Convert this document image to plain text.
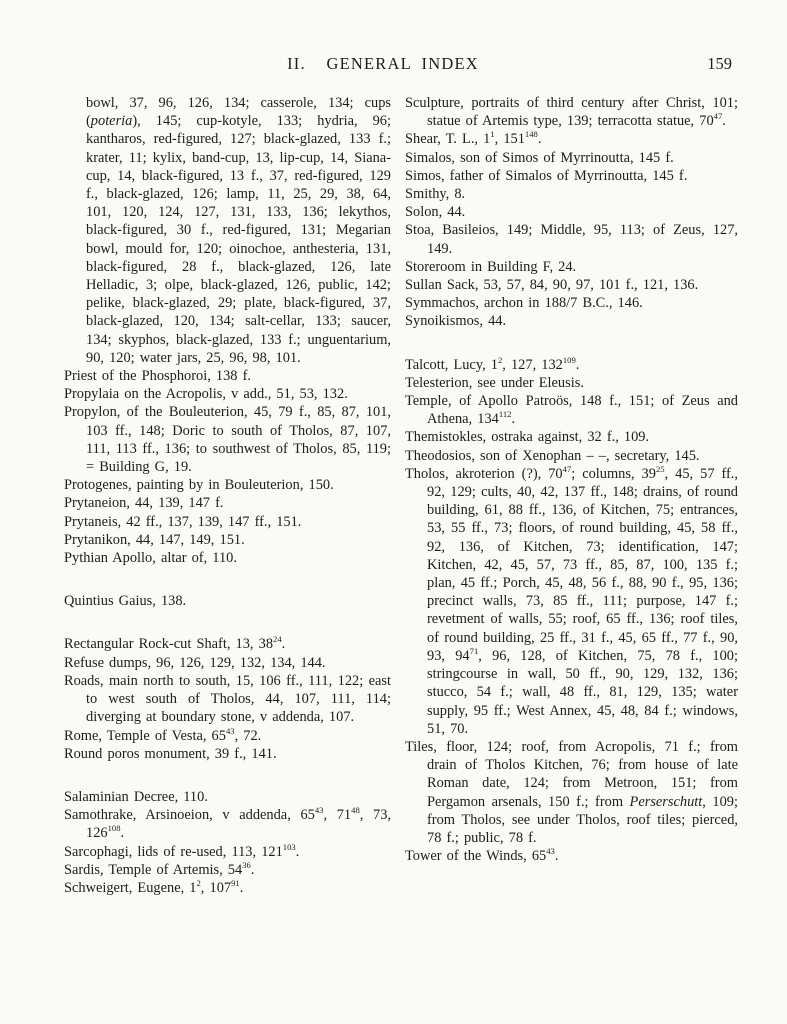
II.  GENERAL INDEX	159

bowl, 37, 96, 126, 134; casserole, 134; cups (poteria), 145; cup-kotyle, 133; hydria, 96; kantharos, red-figured, 127; black-glazed, 133 f.; krater, 11; kylix, band-cup, 13, lip-cup, 14, Siana-cup, 14, black-figured, 13 f., 37, red-figured, 129 f., black-glazed, 126; lamp, 11, 25, 29, 38, 64, 101, 120, 124, 127, 131, 133, 136; lekythos, black-figured, 30 f., red-figured, 131; Megarian bowl, mould for, 120; oinochoe, anthesteria, 131, black-figured, 28 f., black-glazed, 126, late Helladic, 3; olpe, black-glazed, 126, public, 142; pelike, black-glazed, 29; plate, black-figured, 37, black-glazed, 120, 134; salt-cellar, 133; saucer, 134; skyphos, black-glazed, 133 f.; unguentarium, 90, 120; water jars, 25, 96, 98, 101.

Priest of the Phosphoroi, 138 f.

Propylaia on the Acropolis, v add., 51, 53, 132.

Propylon, of the Bouleuterion, 45, 79 f., 85, 87, 101, 103 ff., 148; Doric to south of Tholos, 87, 107, 111, 113 ff., 136; to southwest of Tholos, 85, 119; = Building G, 19.

Protogenes, painting by in Bouleuterion, 150.

Prytaneion, 44, 139, 147 f.

Prytaneis, 42 ff., 137, 139, 147 ff., 151.

Prytanikon, 44, 147, 149, 151.

Pythian Apollo, altar of, 110.

Quintius Gaius, 138.

Rectangular Rock-cut Shaft, 13, $38^{24}$.

Refuse dumps, 96, 126, 129, 132, 134, 144.

Roads, main north to south, 15, 106 ff., 111, 122; east to west south of Tholos, 44, 107, 111, 114; diverging at boundary stone, v addenda, 107.

Rome, Temple of Vesta, $65^{43}$, 72.

Round poros monument, 39 f., 141.

Salaminian Decree, 110.

Samothrake, Arsinoeion, v addenda, $65^{43}$, $71^{48}$, 73, $126^{108}$.

Sarcophagi, lids of re-used, 113, $121^{103}$.

Sardis, Temple of Artemis, $54^{36}$.

Schweigert, Eugene, $1^2$, $107^{91}$.

Sculpture, portraits of third century after Christ, 101; statue of Artemis type, 139; terracotta statue, $70^{47}$.

Shear, T. L., $1^1$, $151^{148}$.

Simalos, son of Simos of Myrrinoutta, 145 f.

Simos, father of Simalos of Myrrinoutta, 145 f.

Smithy, 8.

Solon, 44.

Stoa, Basileios, 149; Middle, 95, 113; of Zeus, 127, 149.

Storeroom in Building F, 24.

Sullan Sack, 53, 57, 84, 90, 97, 101 f., 121, 136.

Symmachos, archon in 188/7 B.C., 146.

Synoikismos, 44.

Talcott, Lucy, $1^2$, 127, $132^{109}$.

Telesterion, see under Eleusis.

Temple, of Apollo Patroös, 148 f., 151; of Zeus and Athena, $134^{112}$.

Themistokles, ostraka against, 32 f., 109.

Theodosios, son of Xenophan – –, secretary, 145.

Tholos, akroterion (?), $70^{47}$; columns, $39^{25}$, 45, 57 ff., 92, 129; cults, 40, 42, 137 ff., 148; drains, of round building, 61, 88 ff., 136, of Kitchen, 75; entrances, 53, 55 ff., 73; floors, of round building, 45, 58 ff., 92, 136, of Kitchen, 73; identification, 147; Kitchen, 42, 45, 57, 73 ff., 85, 87, 100, 135 f.; plan, 45 ff.; Porch, 45, 48, 56 f., 88, 90 f., 95, 136; precinct walls, 73, 85 ff., 111; purpose, 147 f.; revetment of walls, 55; roof, 65 ff., 136; roof tiles, of round building, 25 ff., 31 f., 45, 65 ff., 77 f., 90, 93, $94^{71}$, 96, 128, of Kitchen, 75, 78 f., 100; stringcourse in wall, 50 ff., 90, 129, 132, 136; stucco, 54 f.; wall, 48 ff., 81, 129, 135; water supply, 95 ff.; West Annex, 45, 48, 84 f.; windows, 51, 70.

Tiles, floor, 124; roof, from Acropolis, 71 f.; from drain of Tholos Kitchen, 76; from house of late Roman date, 124; from Metroon, 151; from Pergamon arsenals, 150 f.; from Perserschutt, 109; from Tholos, see under Tholos, roof tiles; pierced, 78 f.; public, 78 f.

Tower of the Winds, $65^{43}$.
